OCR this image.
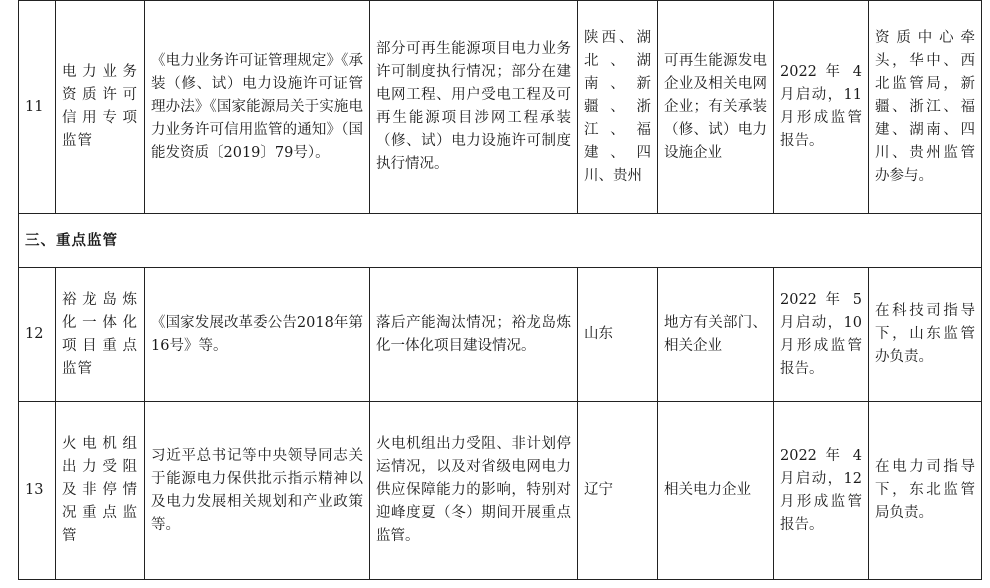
11	电力业务资质许可信用专项监管	《电力业务许可证管理规定》《承装（修、试）电力设施许可证管理办法》《国家能源局关于实施电力业务许可信用监管的通知》（国能发资质〔2019〕79号）。	部分可再生能源项目电力业务许可制度执行情况；部分在建电网工程、用户受电工程及可再生能源项目涉网工程承装（修、试）电力设施许可制度执行情况。	陕西、湖北、湖南、新疆、浙江、福建、四川、贵州	可再生能源发电企业及相关电网企业；有关承装（修、试）电力设施企业	2022 年 4月启动，11月形成监管报告。	资质中心牵头，华中、西北监管局，新疆、浙江、福建、湖南、四川、贵州监管办参与。
三、重点监管							
12	裕龙岛炼化一体化项目重点监管	《国家发展改革委公告2018年第16号》等。	落后产能淘汰情况；裕龙岛炼化一体化项目建设情况。	山东	地方有关部门、相关企业	2022 年 5月启动，10月形成监管报告。	在科技司指导下，山东监管办负责。
13	火电机组出力受阻及非停情况重点监管	习近平总书记等中央领导同志关于能源电力保供批示指示精神以及电力发展相关规划和产业政策等。	火电机组出力受阻、非计划停运情况，以及对省级电网电力供应保障能力的影响，特别对迎峰度夏（冬）期间开展重点监管。	辽宁	相关电力企业	2022 年 4月启动，12月形成监管报告。	在电力司指导下，东北监管局负责。
